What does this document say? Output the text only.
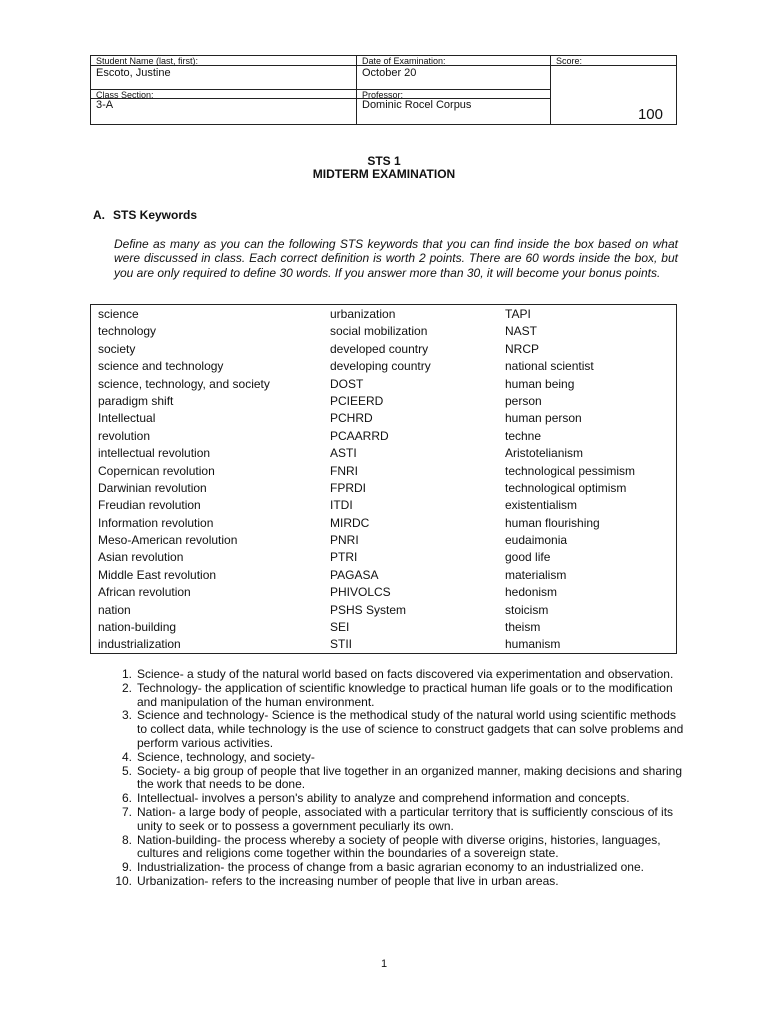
Student Name (last, first):
Escoto, Justine
Date of Examination:
October 20
Score:
100
Class Section:
3-A
Professor:
Dominic Rocel Corpus
STS 1
MIDTERM EXAMINATION
A. STS Keywords
Define as many as you can the following STS keywords that you can find inside the box based on what were discussed in class. Each correct definition is worth 2 points. There are 60 words inside the box, but you are only required to define 30 words. If you answer more than 30, it will become your bonus points.
science
technology
society
science and technology
science, technology, and society
paradigm shift
Intellectual
revolution
intellectual revolution
Copernican revolution
Darwinian revolution
Freudian revolution
Information revolution
Meso-American revolution
Asian revolution
Middle East revolution
African revolution
nation
nation-building
industrialization
urbanization
social mobilization
developed country
developing country
DOST
PCIEERD
PCHRD
PCAARRD
ASTI
FNRI
FPRDI
ITDI
MIRDC
PNRI
PTRI
PAGASA
PHIVOLCS
PSHS System
SEI
STII
TAPI
NAST
NRCP
national scientist
human being
person
human person
techne
Aristotelianism
technological pessimism
technological optimism
existentialism
human flourishing
eudaimonia
good life
materialism
hedonism
stoicism
theism
humanism
1. Science- a study of the natural world based on facts discovered via experimentation and observation.
2. Technology- the application of scientific knowledge to practical human life goals or to the modification and manipulation of the human environment.
3. Science and technology- Science is the methodical study of the natural world using scientific methods to collect data, while technology is the use of science to construct gadgets that can solve problems and perform various activities.
4. Science, technology, and society-
5. Society- a big group of people that live together in an organized manner, making decisions and sharing the work that needs to be done.
6. Intellectual- involves a person's ability to analyze and comprehend information and concepts.
7. Nation- a large body of people, associated with a particular territory that is sufficiently conscious of its unity to seek or to possess a government peculiarly its own.
8. Nation-building- the process whereby a society of people with diverse origins, histories, languages, cultures and religions come together within the boundaries of a sovereign state.
9. Industrialization- the process of change from a basic agrarian economy to an industrialized one.
10. Urbanization- refers to the increasing number of people that live in urban areas.
1
